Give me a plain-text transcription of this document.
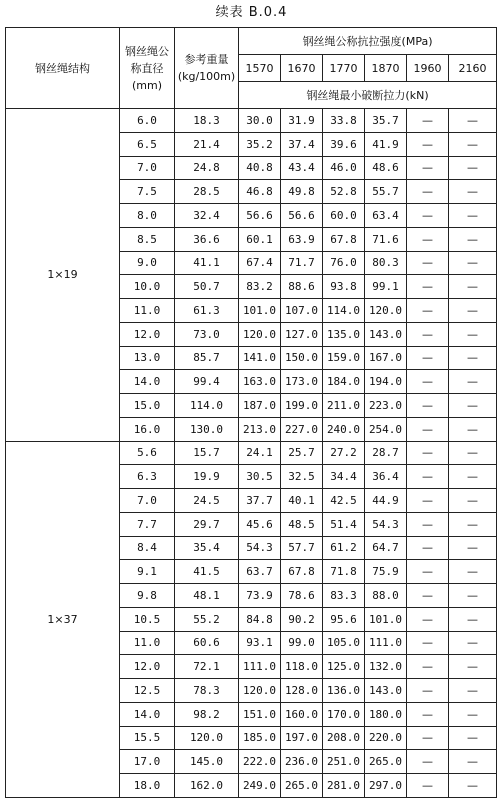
续表 B.0.4
钢丝绳结构	钢丝绳公称直径(mm)	参考重量(kg/100m)	钢丝绳公称抗拉强度(MPa)					
			1570	1670	1770	1870	1960	2160
			钢丝绳最小破断拉力(kN)					
1×19	6.0	18.3	30.0	31.9	33.8	35.7	—	—
	6.5	21.4	35.2	37.4	39.6	41.9	—	—
	7.0	24.8	40.8	43.4	46.0	48.6	—	—
	7.5	28.5	46.8	49.8	52.8	55.7	—	—
	8.0	32.4	56.6	56.6	60.0	63.4	—	—
	8.5	36.6	60.1	63.9	67.8	71.6	—	—
	9.0	41.1	67.4	71.7	76.0	80.3	—	—
	10.0	50.7	83.2	88.6	93.8	99.1	—	—
	11.0	61.3	101.0	107.0	114.0	120.0	—	—
	12.0	73.0	120.0	127.0	135.0	143.0	—	—
	13.0	85.7	141.0	150.0	159.0	167.0	—	—
	14.0	99.4	163.0	173.0	184.0	194.0	—	—
	15.0	114.0	187.0	199.0	211.0	223.0	—	—
	16.0	130.0	213.0	227.0	240.0	254.0	—	—
1×37	5.6	15.7	24.1	25.7	27.2	28.7	—	—
	6.3	19.9	30.5	32.5	34.4	36.4	—	—
	7.0	24.5	37.7	40.1	42.5	44.9	—	—
	7.7	29.7	45.6	48.5	51.4	54.3	—	—
	8.4	35.4	54.3	57.7	61.2	64.7	—	—
	9.1	41.5	63.7	67.8	71.8	75.9	—	—
	9.8	48.1	73.9	78.6	83.3	88.0	—	—
	10.5	55.2	84.8	90.2	95.6	101.0	—	—
	11.0	60.6	93.1	99.0	105.0	111.0	—	—
	12.0	72.1	111.0	118.0	125.0	132.0	—	—
	12.5	78.3	120.0	128.0	136.0	143.0	—	—
	14.0	98.2	151.0	160.0	170.0	180.0	—	—
	15.5	120.0	185.0	197.0	208.0	220.0	—	—
	17.0	145.0	222.0	236.0	251.0	265.0	—	—
	18.0	162.0	249.0	265.0	281.0	297.0	—	—
